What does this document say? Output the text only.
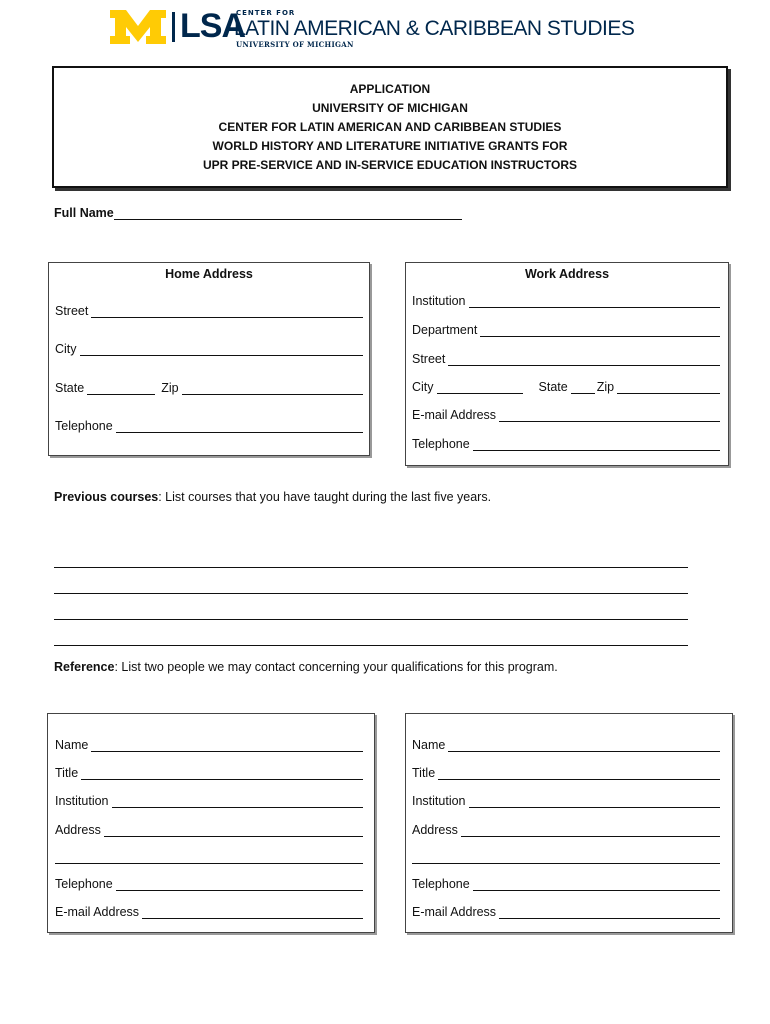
LSA
CENTER FOR
LATIN AMERICAN & CARIBBEAN STUDIES
UNIVERSITY OF MICHIGAN
APPLICATION
UNIVERSITY OF MICHIGAN
CENTER FOR LATIN AMERICAN AND CARIBBEAN STUDIES
WORLD HISTORY AND LITERATURE INITIATIVE GRANTS FOR
UPR PRE-SERVICE AND IN-SERVICE EDUCATION INSTRUCTORS
Full Name
Home Address
Street
City
State	Zip
Telephone
Work Address
Institution
Department
Street
City	State Zip
E-mail Address
Telephone
Previous courses: List courses that you have taught during the last five years.
Reference: List two people we may contact concerning your qualifications for this program.
Name
Title
Institution
Address
Telephone
E-mail Address
Name
Title
Institution
Address
Telephone
E-mail Address
